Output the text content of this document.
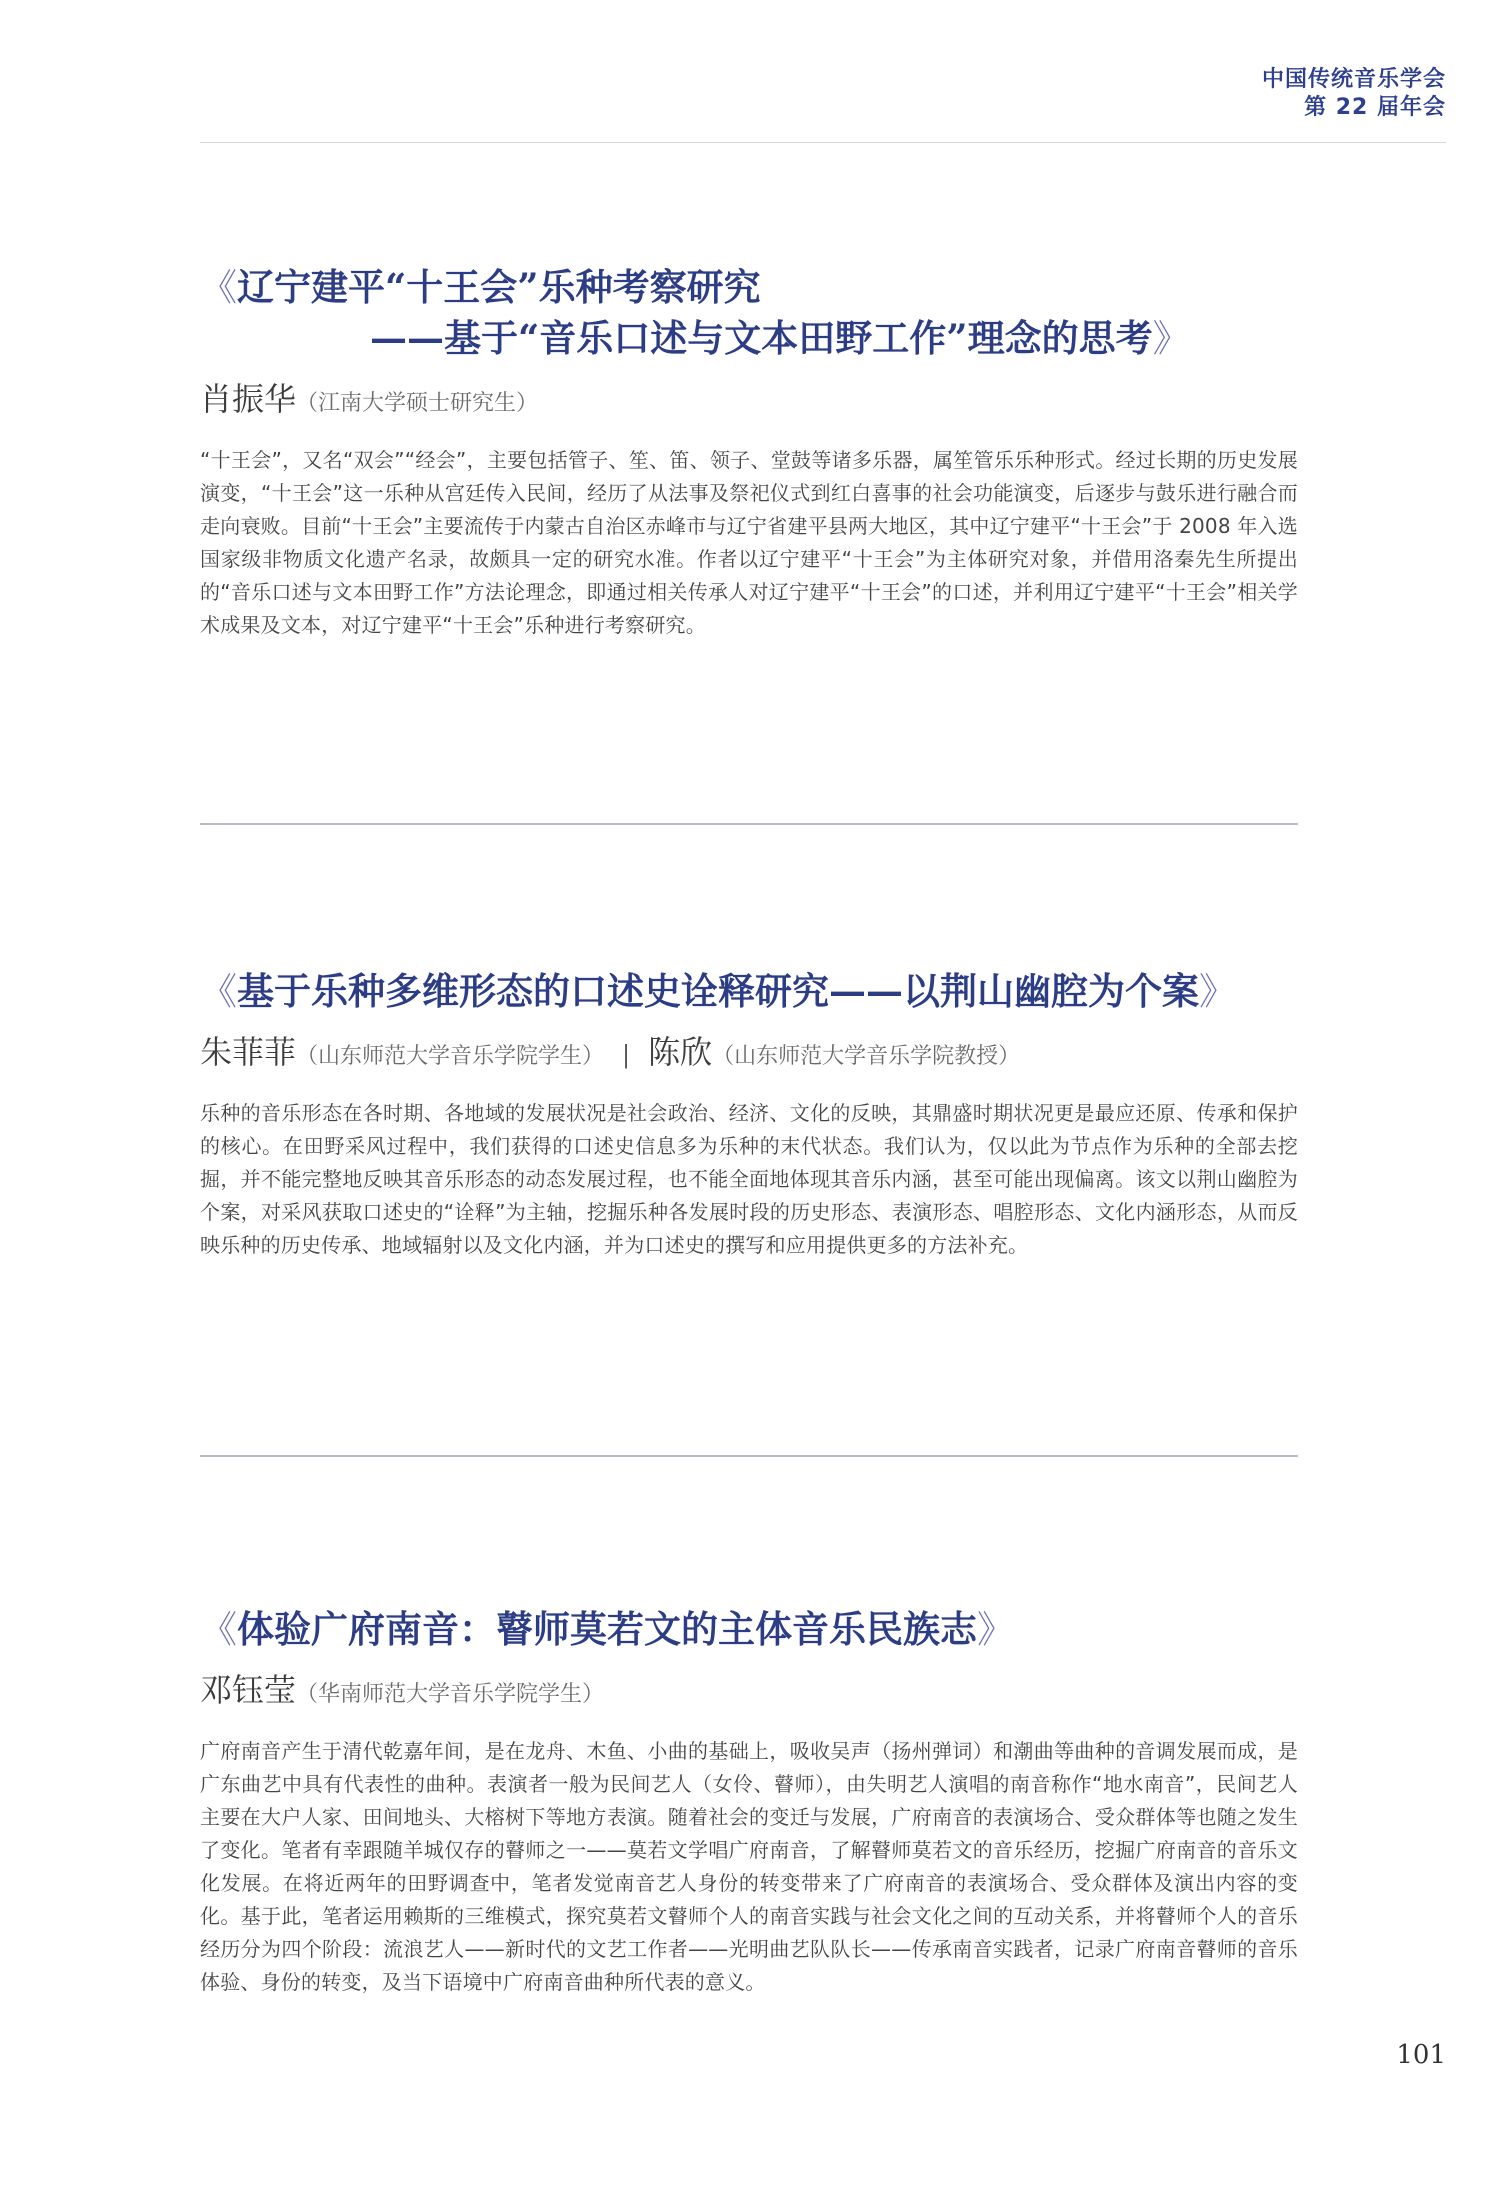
中国传统音乐学会
第 22 届年会
《辽宁建平“十王会”乐种考察研究
——基于“音乐口述与文本田野工作”理念的思考》
肖振华（江南大学硕士研究生）

“十王会”，又名“双会”“经会”，主要包括管子、笙、笛、领子、堂鼓等诸多乐器，属笙管乐乐种形式。经过长期的历史发展演变，“十王会”这一乐种从宫廷传入民间，经历了从法事及祭祀仪式到红白喜事的社会功能演变，后逐步与鼓乐进行融合而走向衰败。目前“十王会”主要流传于内蒙古自治区赤峰市与辽宁省建平县两大地区，其中辽宁建平“十王会”于 2008 年入选国家级非物质文化遗产名录，故颇具一定的研究水准。作者以辽宁建平“十王会”为主体研究对象，并借用洛秦先生所提出的“音乐口述与文本田野工作”方法论理念，即通过相关传承人对辽宁建平“十王会”的口述，并利用辽宁建平“十王会”相关学术成果及文本，对辽宁建平“十王会”乐种进行考察研究。

《基于乐种多维形态的口述史诠释研究——以荆山幽腔为个案》
朱菲菲（山东师范大学音乐学院学生） | 陈欣（山东师范大学音乐学院教授）

乐种的音乐形态在各时期、各地域的发展状况是社会政治、经济、文化的反映，其鼎盛时期状况更是最应还原、传承和保护的核心。在田野采风过程中，我们获得的口述史信息多为乐种的末代状态。我们认为，仅以此为节点作为乐种的全部去挖掘，并不能完整地反映其音乐形态的动态发展过程，也不能全面地体现其音乐内涵，甚至可能出现偏离。该文以荆山幽腔为个案，对采风获取口述史的“诠释”为主轴，挖掘乐种各发展时段的历史形态、表演形态、唱腔形态、文化内涵形态，从而反映乐种的历史传承、地域辐射以及文化内涵，并为口述史的撰写和应用提供更多的方法补充。

《体验广府南音：瞽师莫若文的主体音乐民族志》
邓钰莹（华南师范大学音乐学院学生）

广府南音产生于清代乾嘉年间，是在龙舟、木鱼、小曲的基础上，吸收吴声（扬州弹词）和潮曲等曲种的音调发展而成，是广东曲艺中具有代表性的曲种。表演者一般为民间艺人（女伶、瞽师），由失明艺人演唱的南音称作“地水南音”，民间艺人主要在大户人家、田间地头、大榕树下等地方表演。随着社会的变迁与发展，广府南音的表演场合、受众群体等也随之发生了变化。笔者有幸跟随羊城仅存的瞽师之一——莫若文学唱广府南音，了解瞽师莫若文的音乐经历，挖掘广府南音的音乐文化发展。在将近两年的田野调查中，笔者发觉南音艺人身份的转变带来了广府南音的表演场合、受众群体及演出内容的变化。基于此，笔者运用赖斯的三维模式，探究莫若文瞽师个人的南音实践与社会文化之间的互动关系，并将瞽师个人的音乐经历分为四个阶段：流浪艺人——新时代的文艺工作者——光明曲艺队队长——传承南音实践者，记录广府南音瞽师的音乐体验、身份的转变，及当下语境中广府南音曲种所代表的意义。

101
